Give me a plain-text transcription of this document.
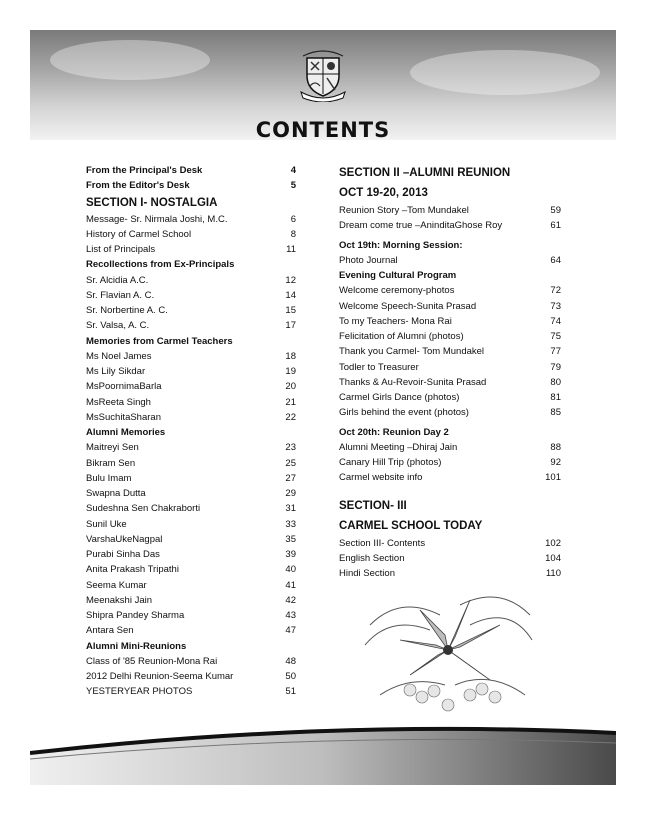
CONTENTS
From the Principal's Desk	4
From the Editor's Desk	5
SECTION I- NOSTALGIA
Message- Sr. Nirmala Joshi, M.C.	6
History of Carmel School	8
List of Principals	11
Recollections from Ex-Principals
Sr. Alcidia A.C.	12
Sr. Flavian A. C.	14
Sr. Norbertine A. C.	15
Sr. Valsa, A. C.	17
Memories from Carmel Teachers
Ms Noel James	18
Ms Lily Sikdar	19
MsPoornimaBarla	20
MsReeta Singh	21
MsSuchitaSharan	22
Alumni Memories
Maitreyi Sen	23
Bikram Sen	25
Bulu Imam	27
Swapna Dutta	29
Sudeshna Sen Chakraborti	31
Sunil Uke	33
VarshaUkeNagpal	35
Purabi Sinha Das	39
Anita Prakash Tripathi	40
Seema Kumar	41
Meenakshi Jain	42
Shipra Pandey Sharma	43
Antara Sen	47
Alumni Mini-Reunions
Class of '85 Reunion-Mona Rai	48
2012 Delhi Reunion-Seema Kumar	50
YESTERYEAR PHOTOS	51
SECTION II –ALUMNI REUNION
OCT 19-20, 2013
Reunion Story –Tom Mundakel	59
Dream come true –AninditaGhose Roy	61
Oct 19th: Morning Session:
Photo Journal	64
Evening Cultural Program
Welcome ceremony-photos	72
Welcome Speech-Sunita Prasad	73
To my Teachers- Mona Rai	74
Felicitation of Alumni (photos)	75
Thank you Carmel- Tom Mundakel	77
Todler to Treasurer	79
Thanks & Au-Revoir-Sunita Prasad	80
Carmel Girls Dance (photos)	81
Girls behind the event (photos)	85
Oct 20th: Reunion Day 2
Alumni Meeting –Dhiraj Jain	88
Canary Hill Trip (photos)	92
Carmel website info	101
SECTION- III
CARMEL SCHOOL TODAY
Section III- Contents	102
English Section	104
Hindi Section	110
